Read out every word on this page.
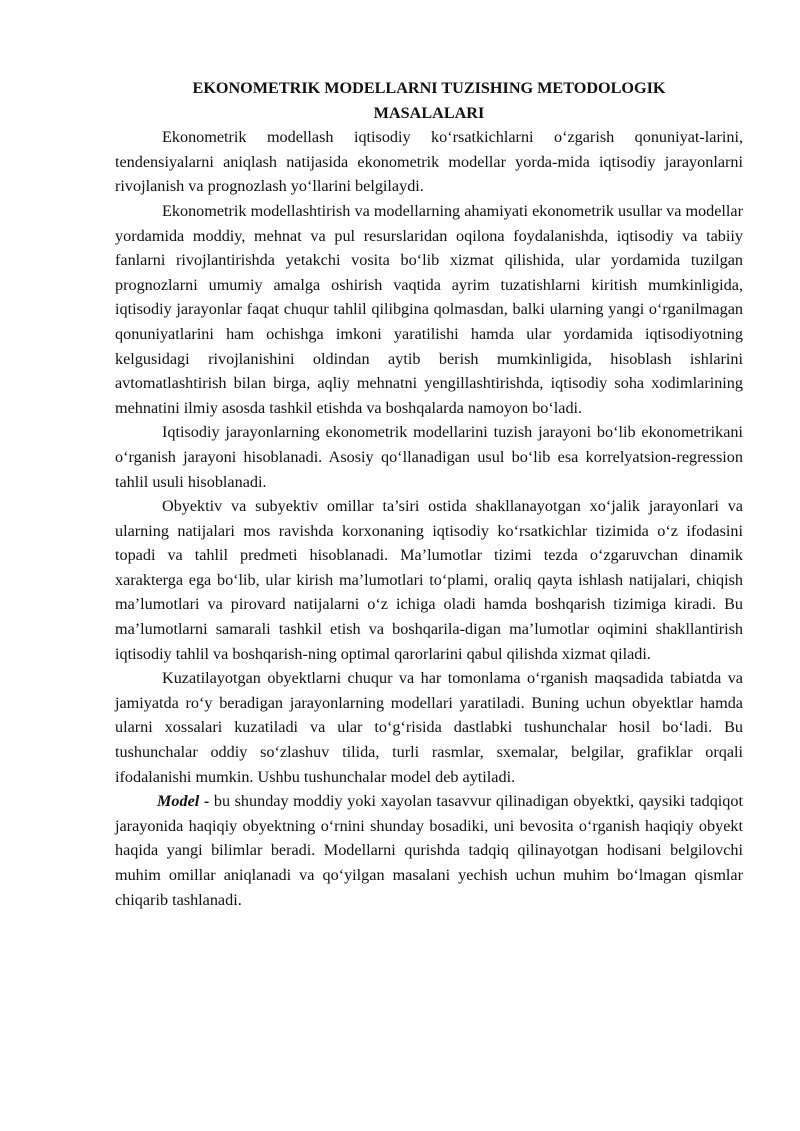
EKONOMETRIK MODELLARNI TUZISHING METODOLOGIK
MASALALARI

Ekonometrik modellash iqtisodiy ko‘rsatkichlarni o‘zgarish qonuniyat-larini, tendensiyalarni aniqlash natijasida ekonometrik modellar yorda-mida iqtisodiy jarayonlarni rivojlanish va prognozlash yo‘llarini belgilaydi.

Ekonometrik modellashtirish va modellarning ahamiyati ekonometrik usullar va modellar yordamida moddiy, mehnat va pul resurslaridan oqilona foydalanishda, iqtisodiy va tabiiy fanlarni rivojlantirishda yetakchi vosita bo‘lib xizmat qilishida, ular yordamida tuzilgan prognozlarni umumiy amalga oshirish vaqtida ayrim tuzatishlarni kiritish mumkinligida, iqtisodiy jarayonlar faqat chuqur tahlil qilibgina qolmasdan, balki ularning yangi o‘rganilmagan qonuniyatlarini ham ochishga imkoni yaratilishi hamda ular yordamida iqtisodiyotning kelgusidagi rivojlanishini oldindan aytib berish mumkinligida, hisoblash ishlarini avtomatlashtirish bilan birga, aqliy mehnatni yengillashtirishda, iqtisodiy soha xodimlarining mehnatini ilmiy asosda tashkil etishda va boshqalarda namoyon bo‘ladi.

Iqtisodiy jarayonlarning ekonometrik modellarini tuzish jarayoni bo‘lib ekonometrikani o‘rganish jarayoni hisoblanadi. Asosiy qo‘llanadigan usul bo‘lib esa korrelyatsion-regression tahlil usuli hisoblanadi.

Obyektiv va subyektiv omillar ta’siri ostida shakllanayotgan xo‘jalik jarayonlari va ularning natijalari mos ravishda korxonaning iqtisodiy ko‘rsatkichlar tizimida o‘z ifodasini topadi va tahlil predmeti hisoblanadi. Ma’lumotlar tizimi tezda o‘zgaruvchan dinamik xarakterga ega bo‘lib, ular kirish ma’lumotlari to‘plami, oraliq qayta ishlash natijalari, chiqish ma’lumotlari va pirovard natijalarni o‘z ichiga oladi hamda boshqarish tizimiga kiradi. Bu ma’lumotlarni samarali tashkil etish va boshqarila-digan ma’lumotlar oqimini shakllantirish iqtisodiy tahlil va boshqarish-ning optimal qarorlarini qabul qilishda xizmat qiladi.

Kuzatilayotgan obyektlarni chuqur va har tomonlama o‘rganish maqsadida tabiatda va jamiyatda ro‘y beradigan jarayonlarning modellari yaratiladi. Buning uchun obyektlar hamda ularni xossalari kuzatiladi va ular to‘g‘risida dastlabki tushunchalar hosil bo‘ladi. Bu tushunchalar oddiy so‘zlashuv tilida, turli rasmlar, sxemalar, belgilar, grafiklar orqali ifodalanishi mumkin. Ushbu tushunchalar model deb aytiladi.

Model - bu shunday moddiy yoki xayolan tasavvur qilinadigan obyektki, qaysiki tadqiqot jarayonida haqiqiy obyektning o‘rnini shunday bosadiki, uni bevosita o‘rganish haqiqiy obyekt haqida yangi bilimlar beradi. Modellarni qurishda tadqiq qilinayotgan hodisani belgilovchi muhim omillar aniqlanadi va qo‘yilgan masalani yechish uchun muhim bo‘lmagan qismlar chiqarib tashlanadi.
